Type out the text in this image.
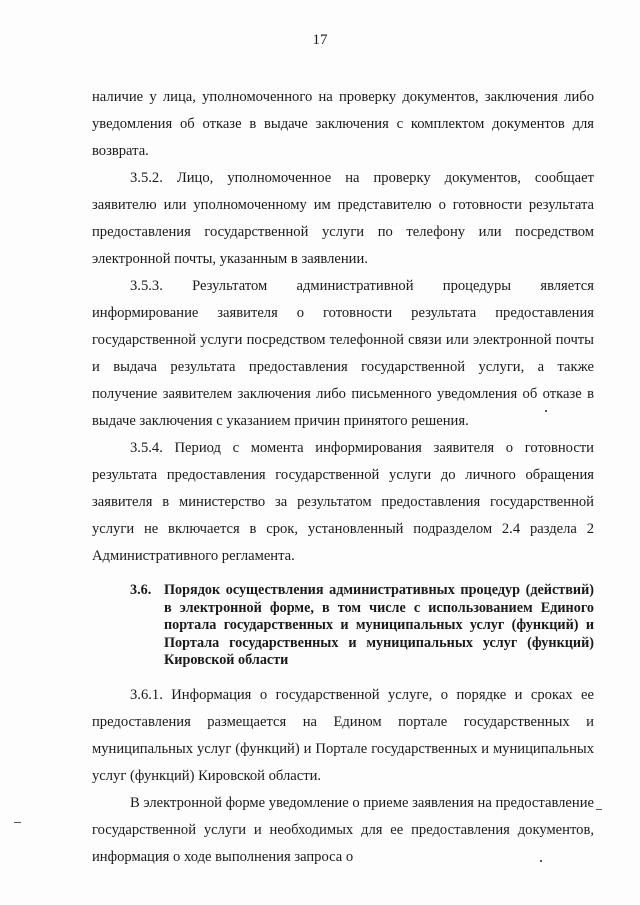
17

наличие у лица, уполномоченного на проверку документов, заключения либо уведомления об отказе в выдаче заключения с комплектом документов для возврата.

3.5.2. Лицо, уполномоченное на проверку документов, сообщает заявителю или уполномоченному им представителю о готовности результата предоставления государственной услуги по телефону или посредством электронной почты, указанным в заявлении.

3.5.3. Результатом административной процедуры является информирование заявителя о готовности результата предоставления государственной услуги посредством телефонной связи или электронной почты и выдача результата предоставления государственной услуги, а также получение заявителем заключения либо письменного уведомления об отказе в выдаче заключения с указанием причин принятого решения.

3.5.4. Период с момента информирования заявителя о готовности результата предоставления государственной услуги до личного обращения заявителя в министерство за результатом предоставления государственной услуги не включается в срок, установленный подразделом 2.4 раздела 2 Административного регламента.

3.6. Порядок осуществления административных процедур (действий) в электронной форме, в том числе с использованием Единого портала государственных и муниципальных услуг (функций) и Портала государственных и муниципальных услуг (функций) Кировской области

3.6.1. Информация о государственной услуге, о порядке и сроках ее предоставления размещается на Едином портале государственных и муниципальных услуг (функций) и Портале государственных и муниципальных услуг (функций) Кировской области.

В электронной форме уведомление о приеме заявления на предоставление государственной услуги и необходимых для ее предоставления документов, информация о ходе выполнения запроса о
